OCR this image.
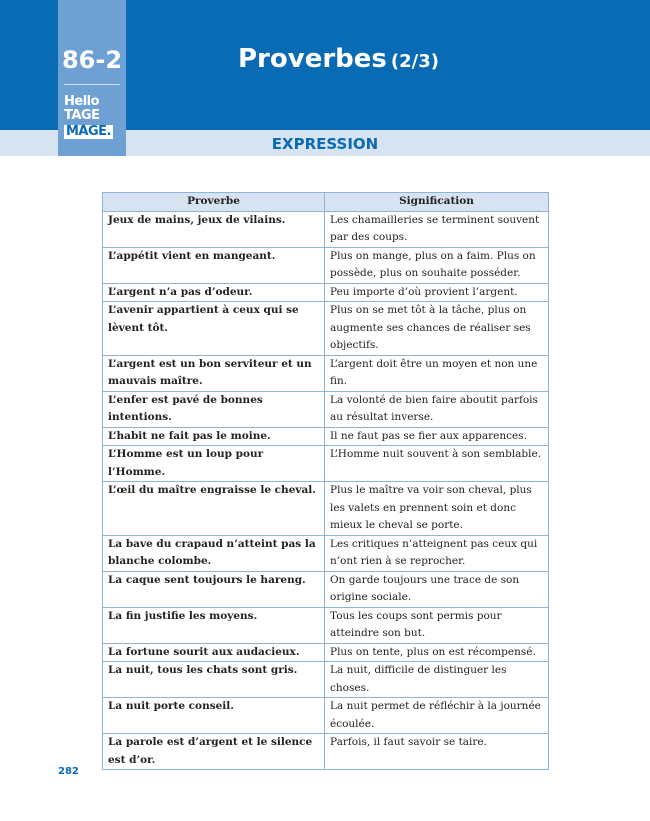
86-2
Hello
TAGE
MAGE.
Proverbes (2/3)
EXPRESSION
Proverbe	Signification
Jeux de mains, jeux de vilains.	Les chamailleries se terminent souvent par des coups.
L’appétit vient en mangeant.	Plus on mange, plus on a faim. Plus on possède, plus on souhaite posséder.
L’argent n’a pas d’odeur.	Peu importe d’où provient l’argent.
L’avenir appartient à ceux qui se lèvent tôt.	Plus on se met tôt à la tâche, plus on augmente ses chances de réaliser ses objectifs.
L’argent est un bon serviteur et un mauvais maître.	L’argent doit être un moyen et non une fin.
L’enfer est pavé de bonnes intentions.	La volonté de bien faire aboutit parfois au résultat inverse.
L’habit ne fait pas le moine.	Il ne faut pas se fier aux apparences.
L’Homme est un loup pour l’Homme.	L’Homme nuit souvent à son semblable.
L’œil du maître engraisse le cheval.	Plus le maître va voir son cheval, plus les valets en prennent soin et donc mieux le cheval se porte.
La bave du crapaud n’atteint pas la blanche colombe.	Les critiques n’atteignent pas ceux qui n’ont rien à se reprocher.
La caque sent toujours le hareng.	On garde toujours une trace de son origine sociale.
La fin justifie les moyens.	Tous les coups sont permis pour atteindre son but.
La fortune sourit aux audacieux.	Plus on tente, plus on est récompensé.
La nuit, tous les chats sont gris.	La nuit, difficile de distinguer les choses.
La nuit porte conseil.	La nuit permet de réfléchir à la journée écoulée.
La parole est d’argent et le silence est d’or.	Parfois, il faut savoir se taire.
282
